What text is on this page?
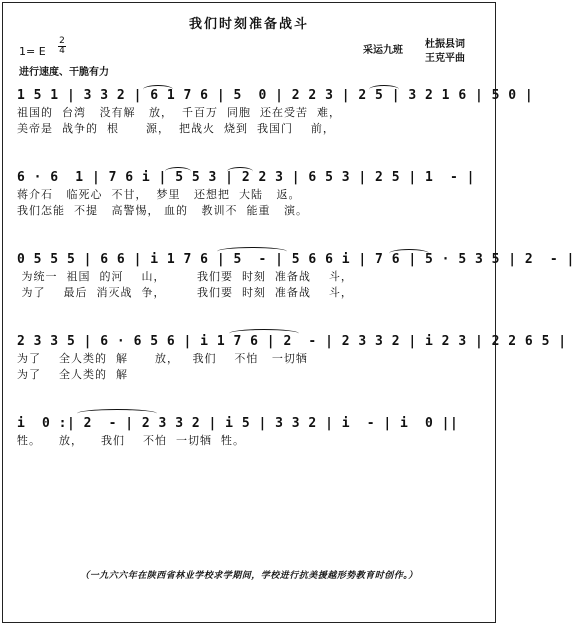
我们时刻准备战斗
1= E
2
4
进行速度、干脆有力
杜振县词
采运九班
王克平曲
1 5 1 | 3 3 2 | 6 1 7 6 | 5  0 | 2 2 3 | 2 5 | 3 2 1 6 | 5 0 |
祖国的  台湾   没有解   放，  千百万  同胞  还在受苦  难，
美帝是  战争的  根      源，  把战火  烧到  我国门    前，
6 · 6  1 | 7 6 i | 5 5 3 | 2 2 3 | 6 5 3 | 2 5 | 1  - |
蒋介石   临死心  不甘，  梦里   还想把  大陆   返。
我们怎能  不提   高警惕， 血的   教训不  能重   演。
0 5 5 5 | 6 6 | i 1 7 6 | 5  - | 5 6 6 i | 7 6 | 5 · 5 3 5 | 2  - |
为统一  祖国  的河    山，       我们要  时刻  准备战    斗，
为了    最后  消灭战  争，       我们要  时刻  准备战    斗，
2 3 3 5 | 6 · 6 5 6 | i 1 7 6 | 2  - | 2 3 3 2 | i 2 3 | 2 2 6 5 |
为了    全人类的  解      放，   我们    不怕   一切牺
为了    全人类的  解
i  0 :| 2  - | 2 3 3 2 | i 5 | 3 3 2 | i  - | i  0 ||
牲。    放，    我们    不怕  一切牺  牲。
（一九六六年在陕西省林业学校求学期间，学校进行抗美援越形势教育时创作。）
